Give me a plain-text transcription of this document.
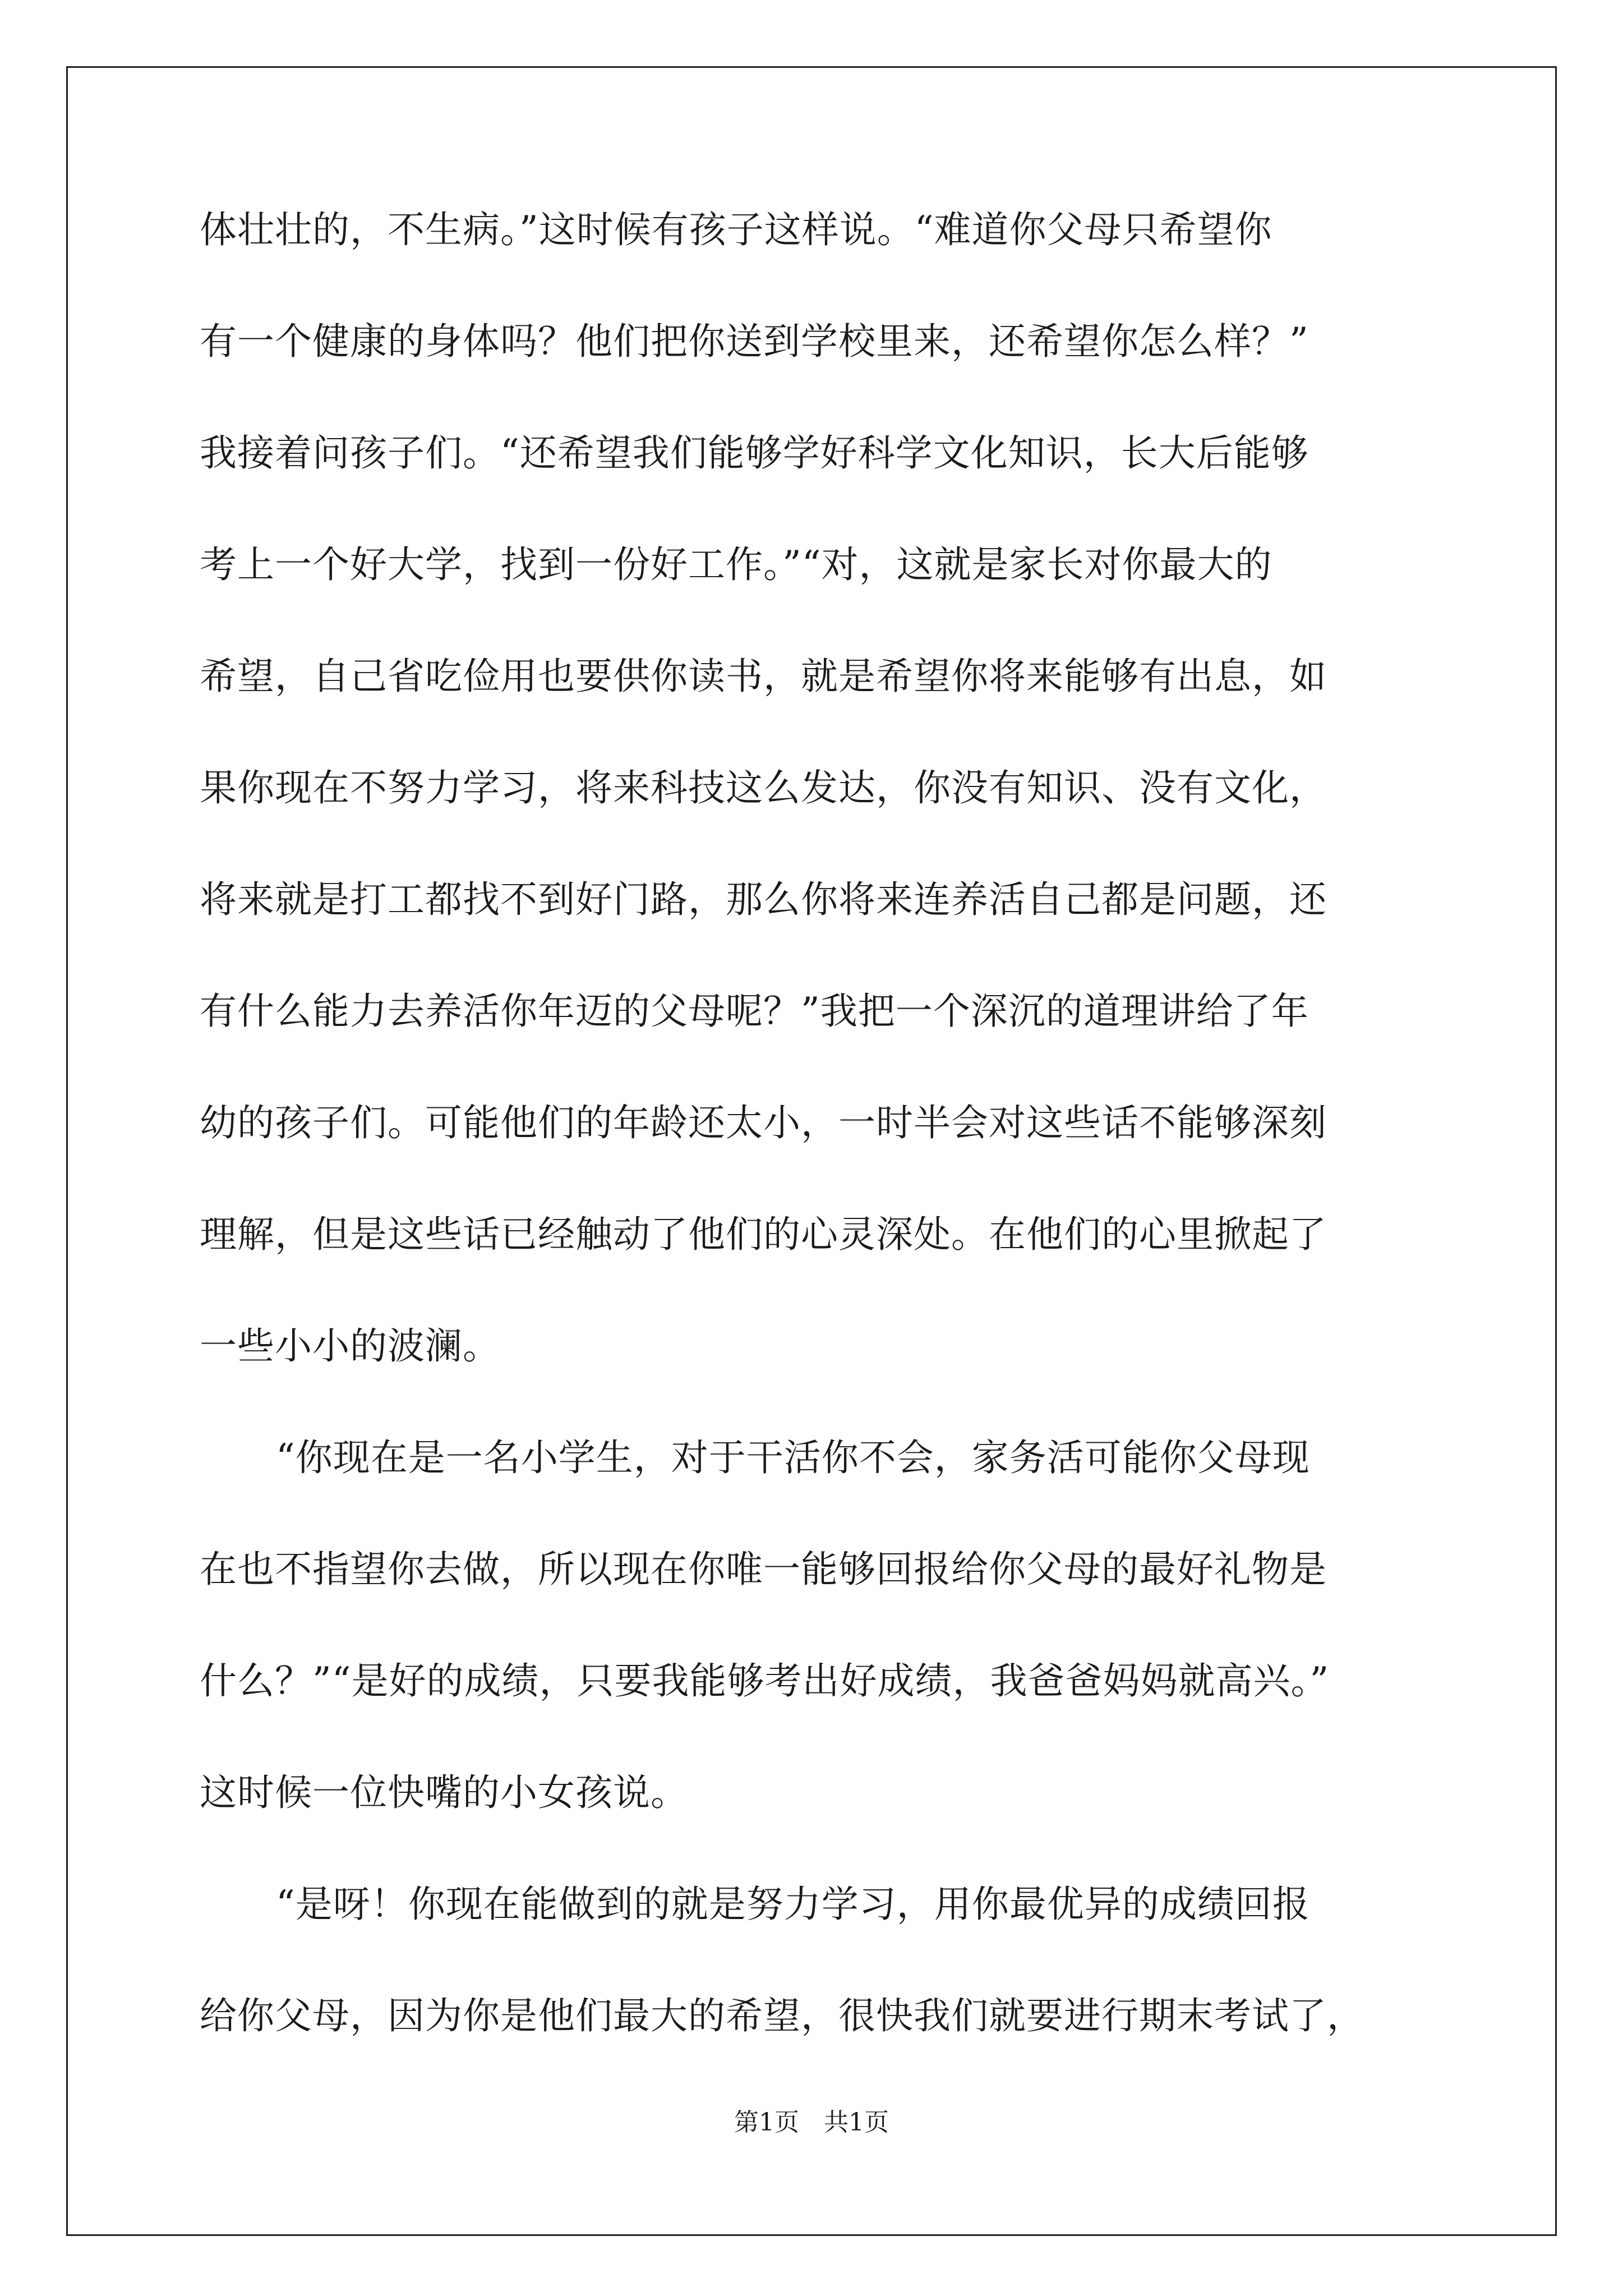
体壮壮的，不生病。”这时候有孩子这样说。“难道你父母只希望你
有一个健康的身体吗？他们把你送到学校里来，还希望你怎么样？”
我接着问孩子们。“还希望我们能够学好科学文化知识，长大后能够
考上一个好大学，找到一份好工作。”“对，这就是家长对你最大的
希望，自己省吃俭用也要供你读书，就是希望你将来能够有出息，如
果你现在不努力学习，将来科技这么发达，你没有知识、没有文化，
将来就是打工都找不到好门路，那么你将来连养活自己都是问题，还
有什么能力去养活你年迈的父母呢？”我把一个深沉的道理讲给了年
幼的孩子们。可能他们的年龄还太小，一时半会对这些话不能够深刻
理解，但是这些话已经触动了他们的心灵深处。在他们的心里掀起了
一些小小的波澜。
“你现在是一名小学生，对于干活你不会，家务活可能你父母现
在也不指望你去做，所以现在你唯一能够回报给你父母的最好礼物是
什么？”“是好的成绩，只要我能够考出好成绩，我爸爸妈妈就高兴。”
这时候一位快嘴的小女孩说。
“是呀！你现在能做到的就是努力学习，用你最优异的成绩回报
给你父母，因为你是他们最大的希望，很快我们就要进行期末考试了，
第1页 共1页
